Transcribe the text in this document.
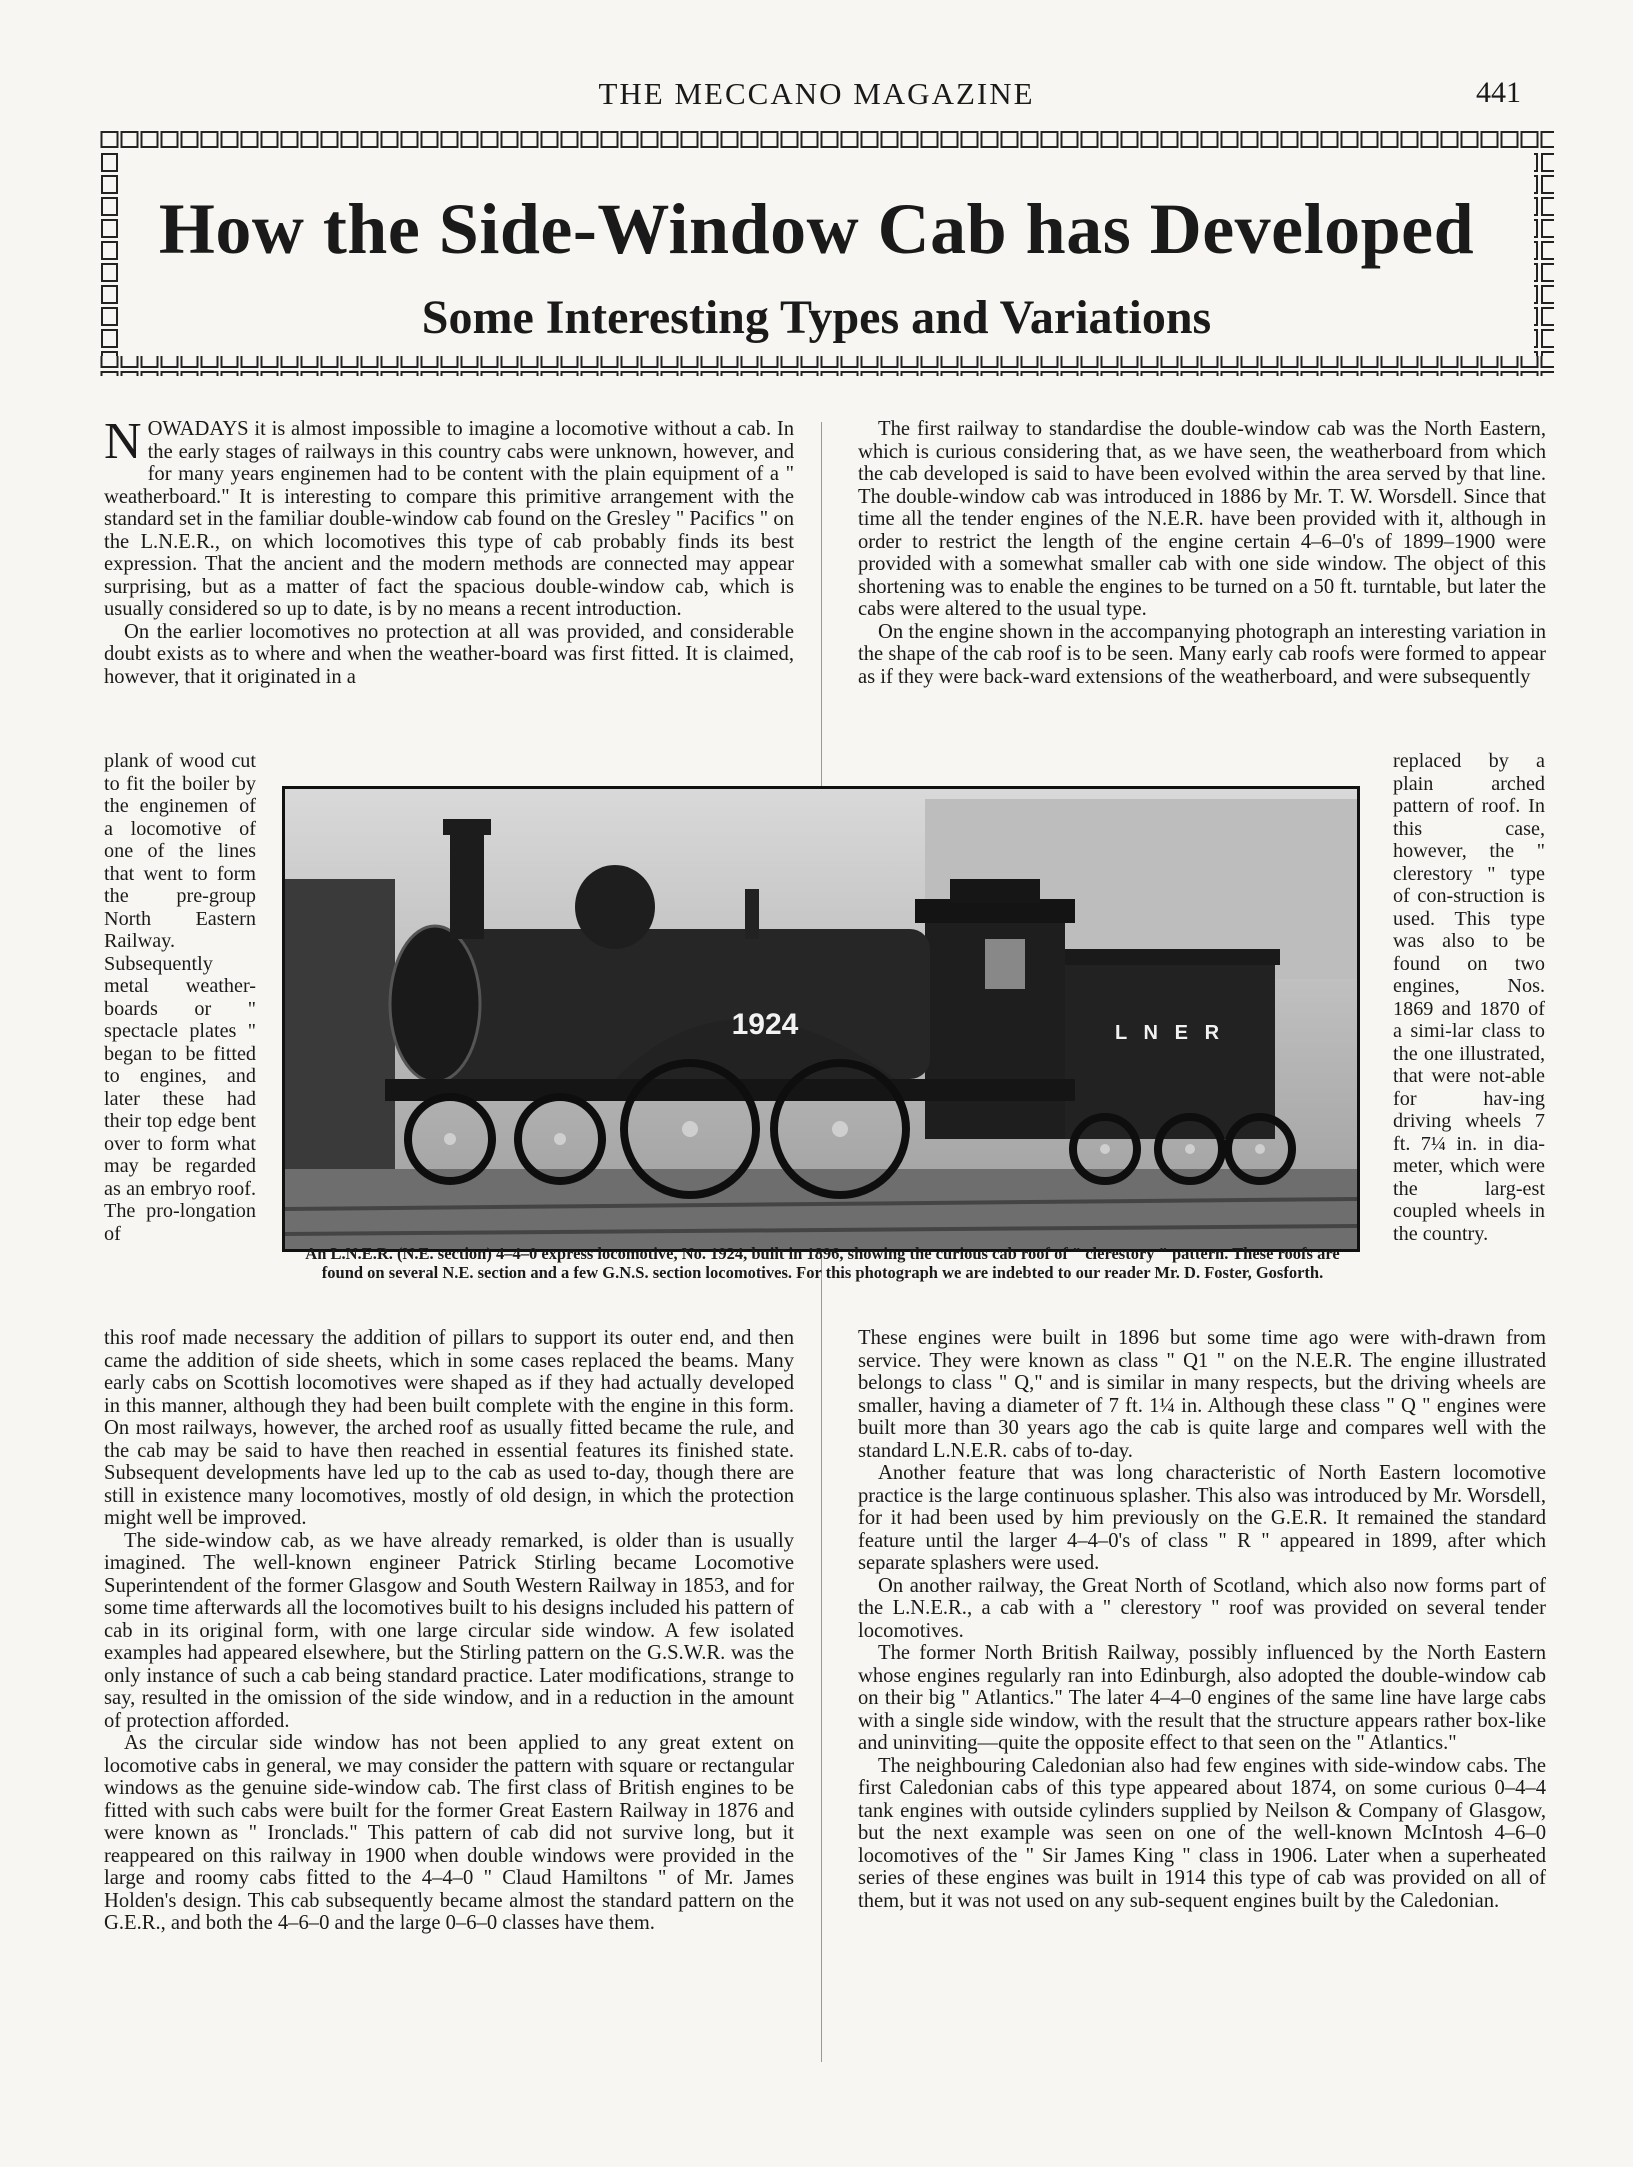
THE MECCANO MAGAZINE	441
How the Side-Window Cab has Developed
Some Interesting Types and Variations

NOWADAYS it is almost impossible to imagine a locomotive without a cab. In the early stages of railways in this country cabs were unknown, however, and for many years enginemen had to be content with the plain equipment of a " weatherboard." It is interesting to compare this primitive arrangement with the standard set in the familiar double-window cab found on the Gresley " Pacifics " on the L.N.E.R., on which locomotives this type of cab probably finds its best expression. That the ancient and the modern methods are connected may appear surprising, but as a matter of fact the spacious double-window cab, which is usually considered so up to date, is by no means a recent introduction.

On the earlier locomotives no protection at all was provided, and considerable doubt exists as to where and when the weather-board was first fitted. It is claimed, however, that it originated in a

plank of wood cut to fit the boiler by the enginemen of a locomotive of one of the lines that went to form the pre-group North Eastern Railway. Subsequently metal weather-boards or " spectacle plates " began to be fitted to engines, and later these had their top edge bent over to form what may be regarded as an embryo roof. The pro-longation of

this roof made necessary the addition of pillars to support its outer end, and then came the addition of side sheets, which in some cases replaced the beams. Many early cabs on Scottish locomotives were shaped as if they had actually developed in this manner, although they had been built complete with the engine in this form. On most railways, however, the arched roof as usually fitted became the rule, and the cab may be said to have then reached in essential features its finished state. Subsequent developments have led up to the cab as used to-day, though there are still in existence many locomotives, mostly of old design, in which the protection might well be improved.

The side-window cab, as we have already remarked, is older than is usually imagined. The well-known engineer Patrick Stirling became Locomotive Superintendent of the former Glasgow and South Western Railway in 1853, and for some time afterwards all the locomotives built to his designs included his pattern of cab in its original form, with one large circular side window. A few isolated examples had appeared elsewhere, but the Stirling pattern on the G.S.W.R. was the only instance of such a cab being standard practice. Later modifications, strange to say, resulted in the omission of the side window, and in a reduction in the amount of protection afforded.

As the circular side window has not been applied to any great extent on locomotive cabs in general, we may consider the pattern with square or rectangular windows as the genuine side-window cab. The first class of British engines to be fitted with such cabs were built for the former Great Eastern Railway in 1876 and were known as " Ironclads." This pattern of cab did not survive long, but it reappeared on this railway in 1900 when double windows were provided in the large and roomy cabs fitted to the 4–4–0 " Claud Hamiltons " of Mr. James Holden's design. This cab subsequently became almost the standard pattern on the G.E.R., and both the 4–6–0 and the large 0–6–0 classes have them.

The first railway to standardise the double-window cab was the North Eastern, which is curious considering that, as we have seen, the weatherboard from which the cab developed is said to have been evolved within the area served by that line. The double-window cab was introduced in 1886 by Mr. T. W. Worsdell. Since that time all the tender engines of the N.E.R. have been provided with it, although in order to restrict the length of the engine certain 4–6–0's of 1899–1900 were provided with a somewhat smaller cab with one side window. The object of this shortening was to enable the engines to be turned on a 50 ft. turntable, but later the cabs were altered to the usual type.

On the engine shown in the accompanying photograph an interesting variation in the shape of the cab roof is to be seen. Many early cab roofs were formed to appear as if they were back-ward extensions of the weatherboard, and were subsequently

replaced by a plain arched pattern of roof. In this case, however, the " clerestory " type of con-struction is used. This type was also to be found on two engines, Nos. 1869 and 1870 of a simi-lar class to the one illustrated, that were not-able for hav-ing driving wheels 7 ft. 7¼ in. in dia-meter, which were the larg-est coupled wheels in the country.

These engines were built in 1896 but some time ago were with-drawn from service. They were known as class " Q1 " on the N.E.R. The engine illustrated belongs to class " Q," and is similar in many respects, but the driving wheels are smaller, having a diameter of 7 ft. 1¼ in. Although these class " Q " engines were built more than 30 years ago the cab is quite large and compares well with the standard L.N.E.R. cabs of to-day.

Another feature that was long characteristic of North Eastern locomotive practice is the large continuous splasher. This also was introduced by Mr. Worsdell, for it had been used by him previously on the G.E.R. It remained the standard feature until the larger 4–4–0's of class " R " appeared in 1899, after which separate splashers were used.

On another railway, the Great North of Scotland, which also now forms part of the L.N.E.R., a cab with a " clerestory " roof was provided on several tender locomotives.

The former North British Railway, possibly influenced by the North Eastern whose engines regularly ran into Edinburgh, also adopted the double-window cab on their big " Atlantics." The later 4–4–0 engines of the same line have large cabs with a single side window, with the result that the structure appears rather box-like and uninviting—quite the opposite effect to that seen on the " Atlantics."

The neighbouring Caledonian also had few engines with side-window cabs. The first Caledonian cabs of this type appeared about 1874, on some curious 0–4–4 tank engines with outside cylinders supplied by Neilson & Company of Glasgow, but the next example was seen on one of the well-known McIntosh 4–6–0 locomotives of the " Sir James King " class in 1906. Later when a superheated series of these engines was built in 1914 this type of cab was provided on all of them, but it was not used on any sub-sequent engines built by the Caledonian.

1924	L   N   E   R
An L.N.E.R. (N.E. section) 4–4–0 express locomotive, No. 1924, built in 1896, showing the curious cab roof of " clerestory " pattern. These roofs are found on several N.E. section and a few G.N.S. section locomotives. For this photograph we are indebted to our reader Mr. D. Foster, Gosforth.
